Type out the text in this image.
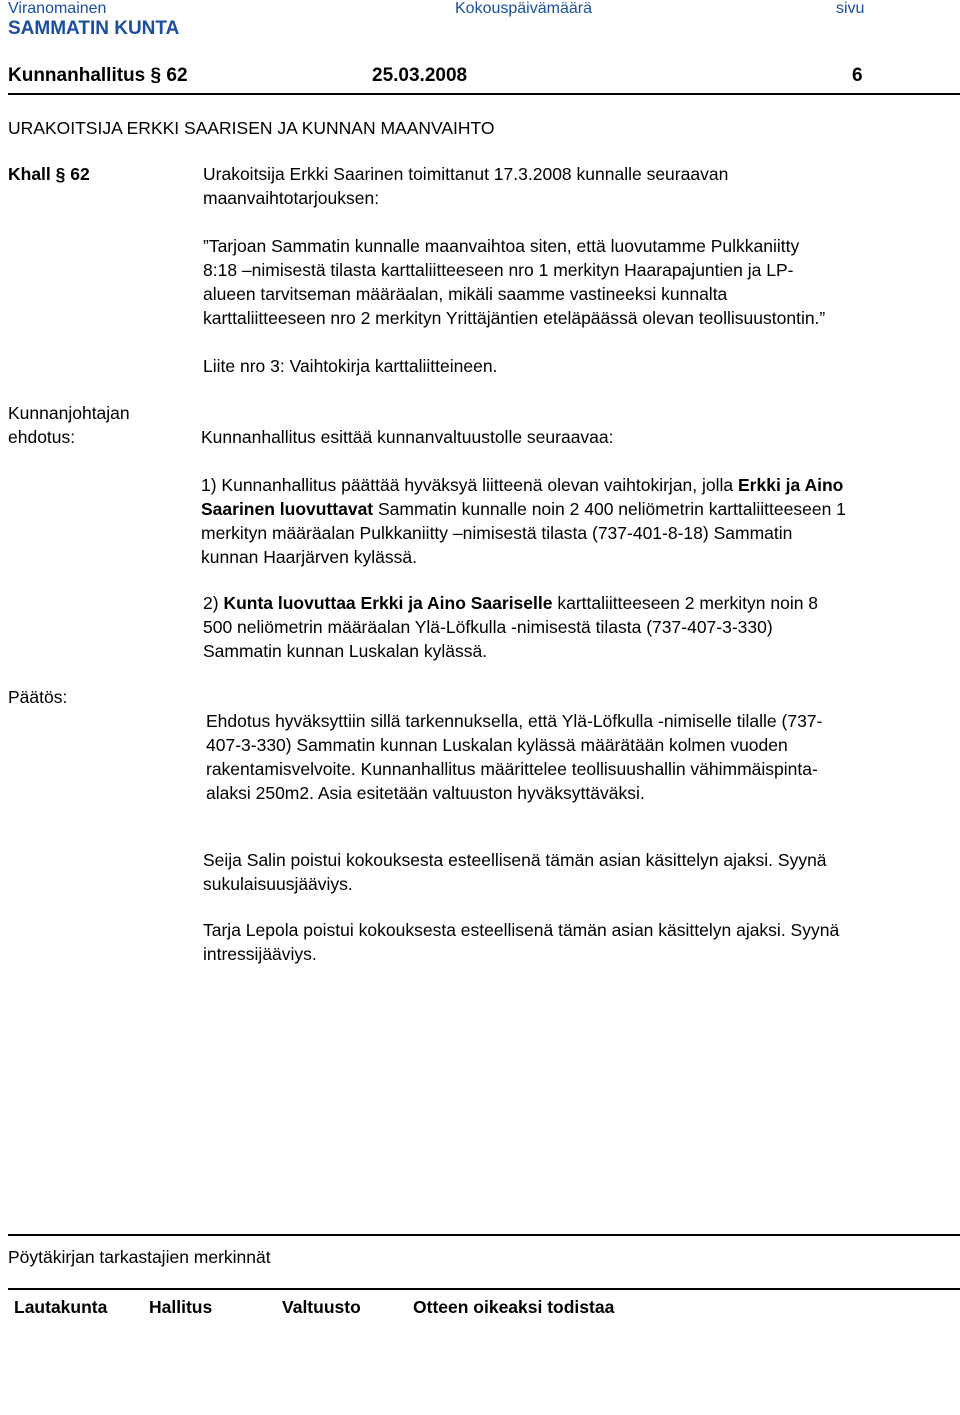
Viranomainen	Kokouspäivämäärä	sivu
SAMMATIN KUNTA
Kunnanhallitus § 62	25.03.2008	6
URAKOITSIJA ERKKI SAARISEN JA KUNNAN MAANVAIHTO
Khall § 62	Urakoitsija Erkki Saarinen toimittanut 17.3.2008 kunnalle seuraavan
maanvaihtotarjouksen:
”Tarjoan Sammatin kunnalle maanvaihtoa siten, että luovutamme Pulkkaniitty
8:18 –nimisestä tilasta karttaliitteeseen nro 1 merkityn Haarapajuntien ja LP-
alueen tarvitseman määräalan, mikäli saamme vastineeksi kunnalta
karttaliitteeseen nro 2 merkityn Yrittäjäntien eteläpäässä olevan teollisuustontin.”
Liite nro 3: Vaihtokirja karttaliitteineen.
Kunnanjohtajan
ehdotus:	Kunnanhallitus esittää kunnanvaltuustolle seuraavaa:
1) Kunnanhallitus päättää hyväksyä liitteenä olevan vaihtokirjan, jolla Erkki ja Aino
Saarinen luovuttavat Sammatin kunnalle noin 2 400 neliömetrin karttaliitteeseen 1
merkityn määräalan Pulkkaniitty –nimisestä tilasta (737-401-8-18) Sammatin
kunnan Haarjärven kylässä.
2) Kunta luovuttaa Erkki ja Aino Saariselle karttaliitteeseen 2 merkityn noin 8
500 neliömetrin määräalan Ylä-Löfkulla -nimisestä tilasta (737-407-3-330)
Sammatin kunnan Luskalan kylässä.
Päätös:
Ehdotus hyväksyttiin sillä tarkennuksella, että Ylä-Löfkulla -nimiselle tilalle (737-
407-3-330) Sammatin kunnan Luskalan kylässä määrätään kolmen vuoden
rakentamisvelvoite. Kunnanhallitus määrittelee teollisuushallin vähimmäispinta-
alaksi 250m2. Asia esitetään valtuuston hyväksyttäväksi.
Seija Salin poistui kokouksesta esteellisenä tämän asian käsittelyn ajaksi. Syynä
sukulaisuusjääviys.
Tarja Lepola poistui kokouksesta esteellisenä tämän asian käsittelyn ajaksi. Syynä
intressijääviys.
Pöytäkirjan tarkastajien merkinnät
Lautakunta Hallitus	Valtuusto	Otteen oikeaksi todistaa
